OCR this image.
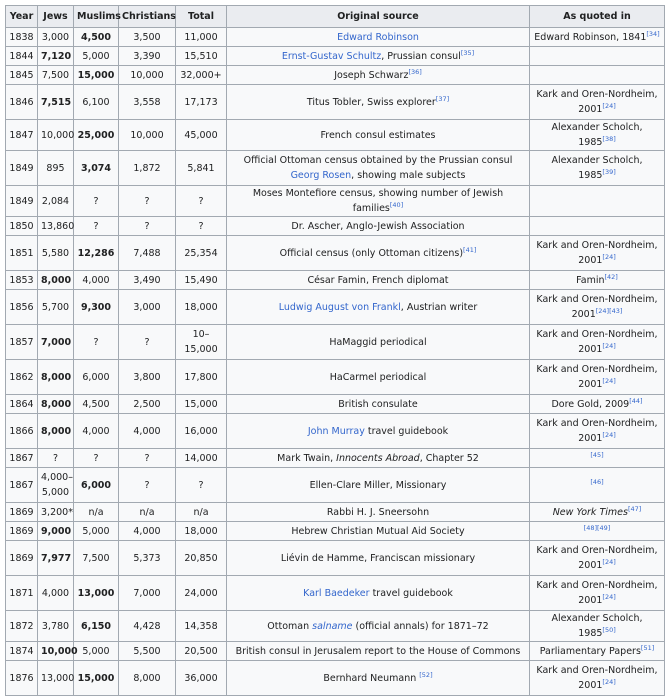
Year	Jews	Muslims	Christians	Total	Original source	As quoted in
1838	3,000	4,500	3,500	11,000	Edward Robinson	Edward Robinson, 1841[34]
1844	7,120	5,000	3,390	15,510	Ernst-Gustav Schultz, Prussian consul[35]	
1845	7,500	15,000	10,000	32,000+	Joseph Schwarz[36]	
1846	7,515	6,100	3,558	17,173	Titus Tobler, Swiss explorer[37]	Kark and Oren-Nordheim, 2001[24]
1847	10,000	25,000	10,000	45,000	French consul estimates	Alexander Scholch, 1985[38]
1849	895	3,074	1,872	5,841	Official Ottoman census obtained by the Prussian consul Georg Rosen, showing male subjects	Alexander Scholch, 1985[39]
1849	2,084	?	?	?	Moses Montefiore census, showing number of Jewish families[40]	
1850	13,860	?	?	?	Dr. Ascher, Anglo-Jewish Association	
1851	5,580	12,286	7,488	25,354	Official census (only Ottoman citizens)[41]	Kark and Oren-Nordheim, 2001[24]
1853	8,000	4,000	3,490	15,490	César Famin, French diplomat	Famin[42]
1856	5,700	9,300	3,000	18,000	Ludwig August von Frankl, Austrian writer	Kark and Oren-Nordheim, 2001[24][43]
1857	7,000	?	?	10–15,000	HaMaggid periodical	Kark and Oren-Nordheim, 2001[24]
1862	8,000	6,000	3,800	17,800	HaCarmel periodical	Kark and Oren-Nordheim, 2001[24]
1864	8,000	4,500	2,500	15,000	British consulate	Dore Gold, 2009[44]
1866	8,000	4,000	4,000	16,000	John Murray travel guidebook	Kark and Oren-Nordheim, 2001[24]
1867	?	?	?	14,000	Mark Twain, Innocents Abroad, Chapter 52	[45]
1867	4,000–5,000	6,000	?	?	Ellen-Clare Miller, Missionary	[46]
1869	3,200*	n/a	n/a	n/a	Rabbi H. J. Sneersohn	New York Times[47]
1869	9,000	5,000	4,000	18,000	Hebrew Christian Mutual Aid Society	[48][49]
1869	7,977	7,500	5,373	20,850	Liévin de Hamme, Franciscan missionary	Kark and Oren-Nordheim, 2001[24]
1871	4,000	13,000	7,000	24,000	Karl Baedeker travel guidebook	Kark and Oren-Nordheim, 2001[24]
1872	3,780	6,150	4,428	14,358	Ottoman salname (official annals) for 1871–72	Alexander Scholch, 1985[50]
1874	10,000	5,000	5,500	20,500	British consul in Jerusalem report to the House of Commons	Parliamentary Papers[51]
1876	13,000	15,000	8,000	36,000	Bernhard Neumann [52]	Kark and Oren-Nordheim, 2001[24]
